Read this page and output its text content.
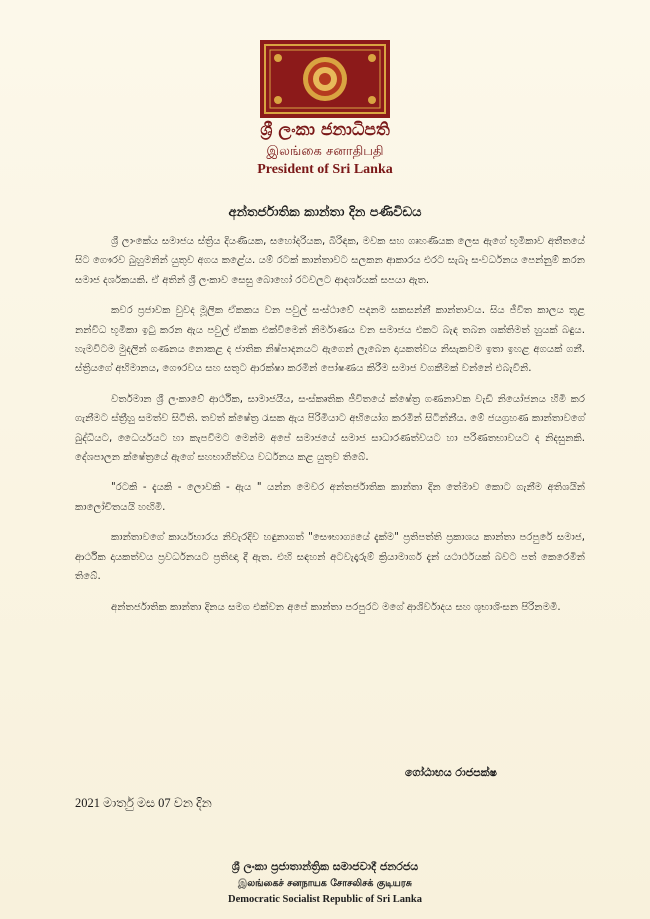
ශ්‍රී ලංකා ජනාධිපති
இலங்கை சனாதிபதி
President of Sri Lanka
අන්තර්ජාතික කාන්තා දින පණිවිඩය

ශ්‍රී ලාංකේය සමාජය ස්ත්‍රිය දියණියක, සහෝදරියක, බිරිඳක, මවක සහ ගෘහණියක ලෙස ඇගේ භූමිකාව අතීතයේ සිට ගෞරව බුහුමනින් යුතුව අගය කළේය. යම් රටක් කාන්තාවට සලකන ආකාරය එරට සැබෑ සංවර්ධනය පෙන්නුම් කරන සමාජ දර්ශකයකි. ඒ අතින් ශ්‍රී ලංකාව සෙසු බොහෝ රටවලට ආදර්ශයක් සපයා ඇත.

කවර ප්‍රජාවක වුවද මූලික ඒකකය වන පවුල් සංස්ථාවේ පදනම සකසන්නී කාන්තාවය. සිය ජීවිත කාලය තුළ නන්විධ භූමිකා ඉටු කරන ඇය පවුල් ඒකක එක්වීමෙන් නිර්මාණය වන සමාජය එකට බැඳ තබන ශක්තිමත් හුයක් බඳුය. හැමවිටම මුදලින් ගණනය නොකළ ද ජාතික නිෂ්පාදනයට ඇගෙන් ලැබෙන දායකත්වය නිසැකවම ඉතා ඉහළ අගයක් ගනී. ස්ත්‍රියගේ අභිමානය, ගෞරවය සහ සතුට ආරක්ෂා කරමින් පෝෂණය කිරීම සමාජ වගකීමක් වන්නේ එබැවිනි.

වර්තමාන ශ්‍රී ලංකාවේ ආර්ථික, සාමාජයීය, සංස්කෘතික ජීවිතයේ ක්ෂේත්‍ර ගණනාවක වැඩි නියෝජනය හිමි කර ගැනීමට ස්ත්‍රීහු සමත්ව සිටිති. තවත් ක්ෂේත්‍ර රැසක ඇය පිරිමියාට අභියෝග කරමින් සිටින්නීය. මේ ජයග්‍රහණ කාන්තාවගේ බුද්ධියට, ධෛර්යයට හා කැපවීමට මෙන්ම අපේ සමාජයේ සමාජ සාධාරණත්වයට හා පරිණතභාවයට ද නිදසුනකි. දේශපාලන ක්ෂේත්‍රයේ ඇගේ සහභාගිත්වය වර්ධනය කළ යුතුව තිබේ.

"රටකි - දැයකි - ලොවකි - ඇය " යන්න මෙවර අන්තර්ජාතික කාන්තා දින තේමාව කොට ගැනීම අතිශයින් කාලෝචිතයයි හඟිමි.

කාන්තාවගේ කාර්යභාරය නිවැරදිව හඳුනාගත් "සෞභාග්‍යයේ දැක්ම" ප්‍රතිපත්ති ප්‍රකාශය කාන්තා පරපුරේ සමාජ, ආර්ථික දායකත්වය ප්‍රවර්ධනයට ප්‍රතිඥා දී ඇත. එහි සඳහන් අටවැදෑරුම් ක්‍රියාමාර්ග දැන් යථාර්ථයක් බවට පත් කෙරෙමින් තිබේ.

අන්තර්ජාතික කාන්තා දිනය සමග එක්වන අපේ කාන්තා පරපුරට මගේ ආශිර්වාදය සහ ශුභාශිංසන පිරිනමමි.

ගෝඨාභය රාජපක්ෂ
2021 මාර්තු මස 07 වන දින
ශ්‍රී ලංකා ප්‍රජාතාන්ත්‍රික සමාජවාදී ජනරජය
இலங்கைச் சனநாயக சோசலிசக் குடியரசு
Democratic Socialist Republic of Sri Lanka
